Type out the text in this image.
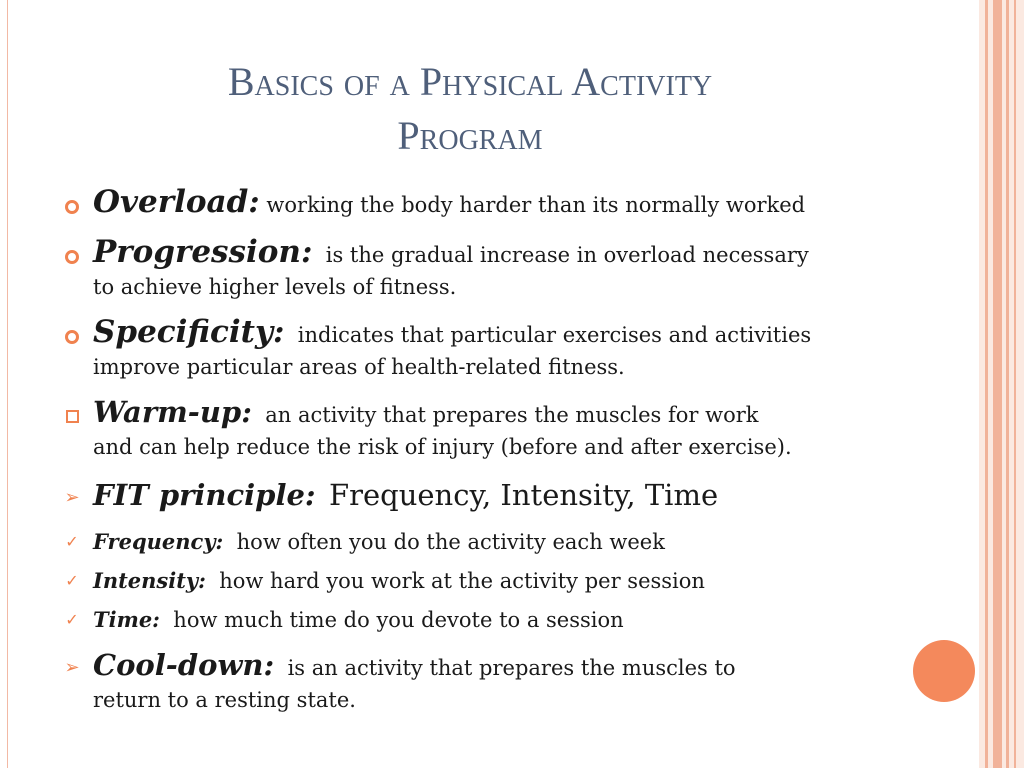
Basics of a Physical Activity
Program
Overload: working the body harder than its normally worked
Progression: is the gradual increase in overload necessary
to achieve higher levels of fitness.
Specificity: indicates that particular exercises and activities
improve particular areas of health-related fitness.
Warm-up: an activity that prepares the muscles for work
and can help reduce the risk of injury (before and after exercise).
➢ FIT principle: Frequency, Intensity, Time
✓ Frequency: how often you do the activity each week
✓ Intensity: how hard you work at the activity per session
✓ Time: how much time do you devote to a session
➢ Cool-down: is an activity that prepares the muscles to
return to a resting state.
